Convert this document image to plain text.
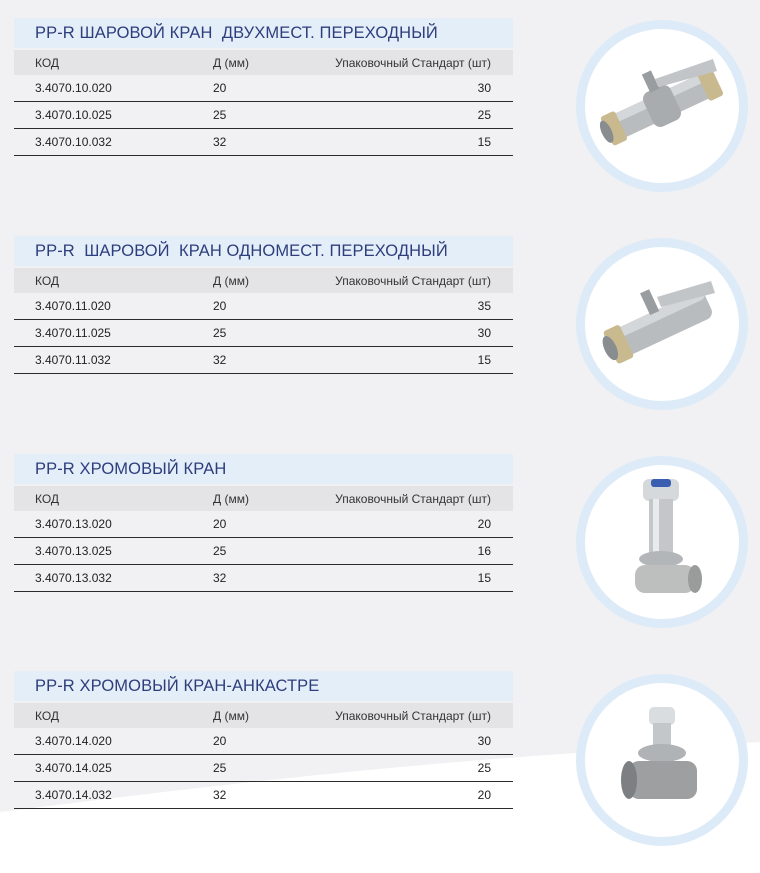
PP-R ШАРОВОЙ КРАН  ДВУХМЕСТ. ПЕРЕХОДНЫЙ
КОД	Д (мм)	Упаковочный Стандарт (шт)
3.4070.10.020	20	30
3.4070.10.025	25	25
3.4070.10.032	32	15
PP-R  ШАРОВОЙ  КРАН ОДНОМЕСТ. ПЕРЕХОДНЫЙ
КОД	Д (мм)	Упаковочный Стандарт (шт)
3.4070.11.020	20	35
3.4070.11.025	25	30
3.4070.11.032	32	15
PP-R ХРОМОВЫЙ КРАН
КОД	Д (мм)	Упаковочный Стандарт (шт)
3.4070.13.020	20	20
3.4070.13.025	25	16
3.4070.13.032	32	15
PP-R ХРОМОВЫЙ КРАН-АНКАСТРЕ
КОД	Д (мм)	Упаковочный Стандарт (шт)
3.4070.14.020	20	30
3.4070.14.025	25	25
3.4070.14.032	32	20
